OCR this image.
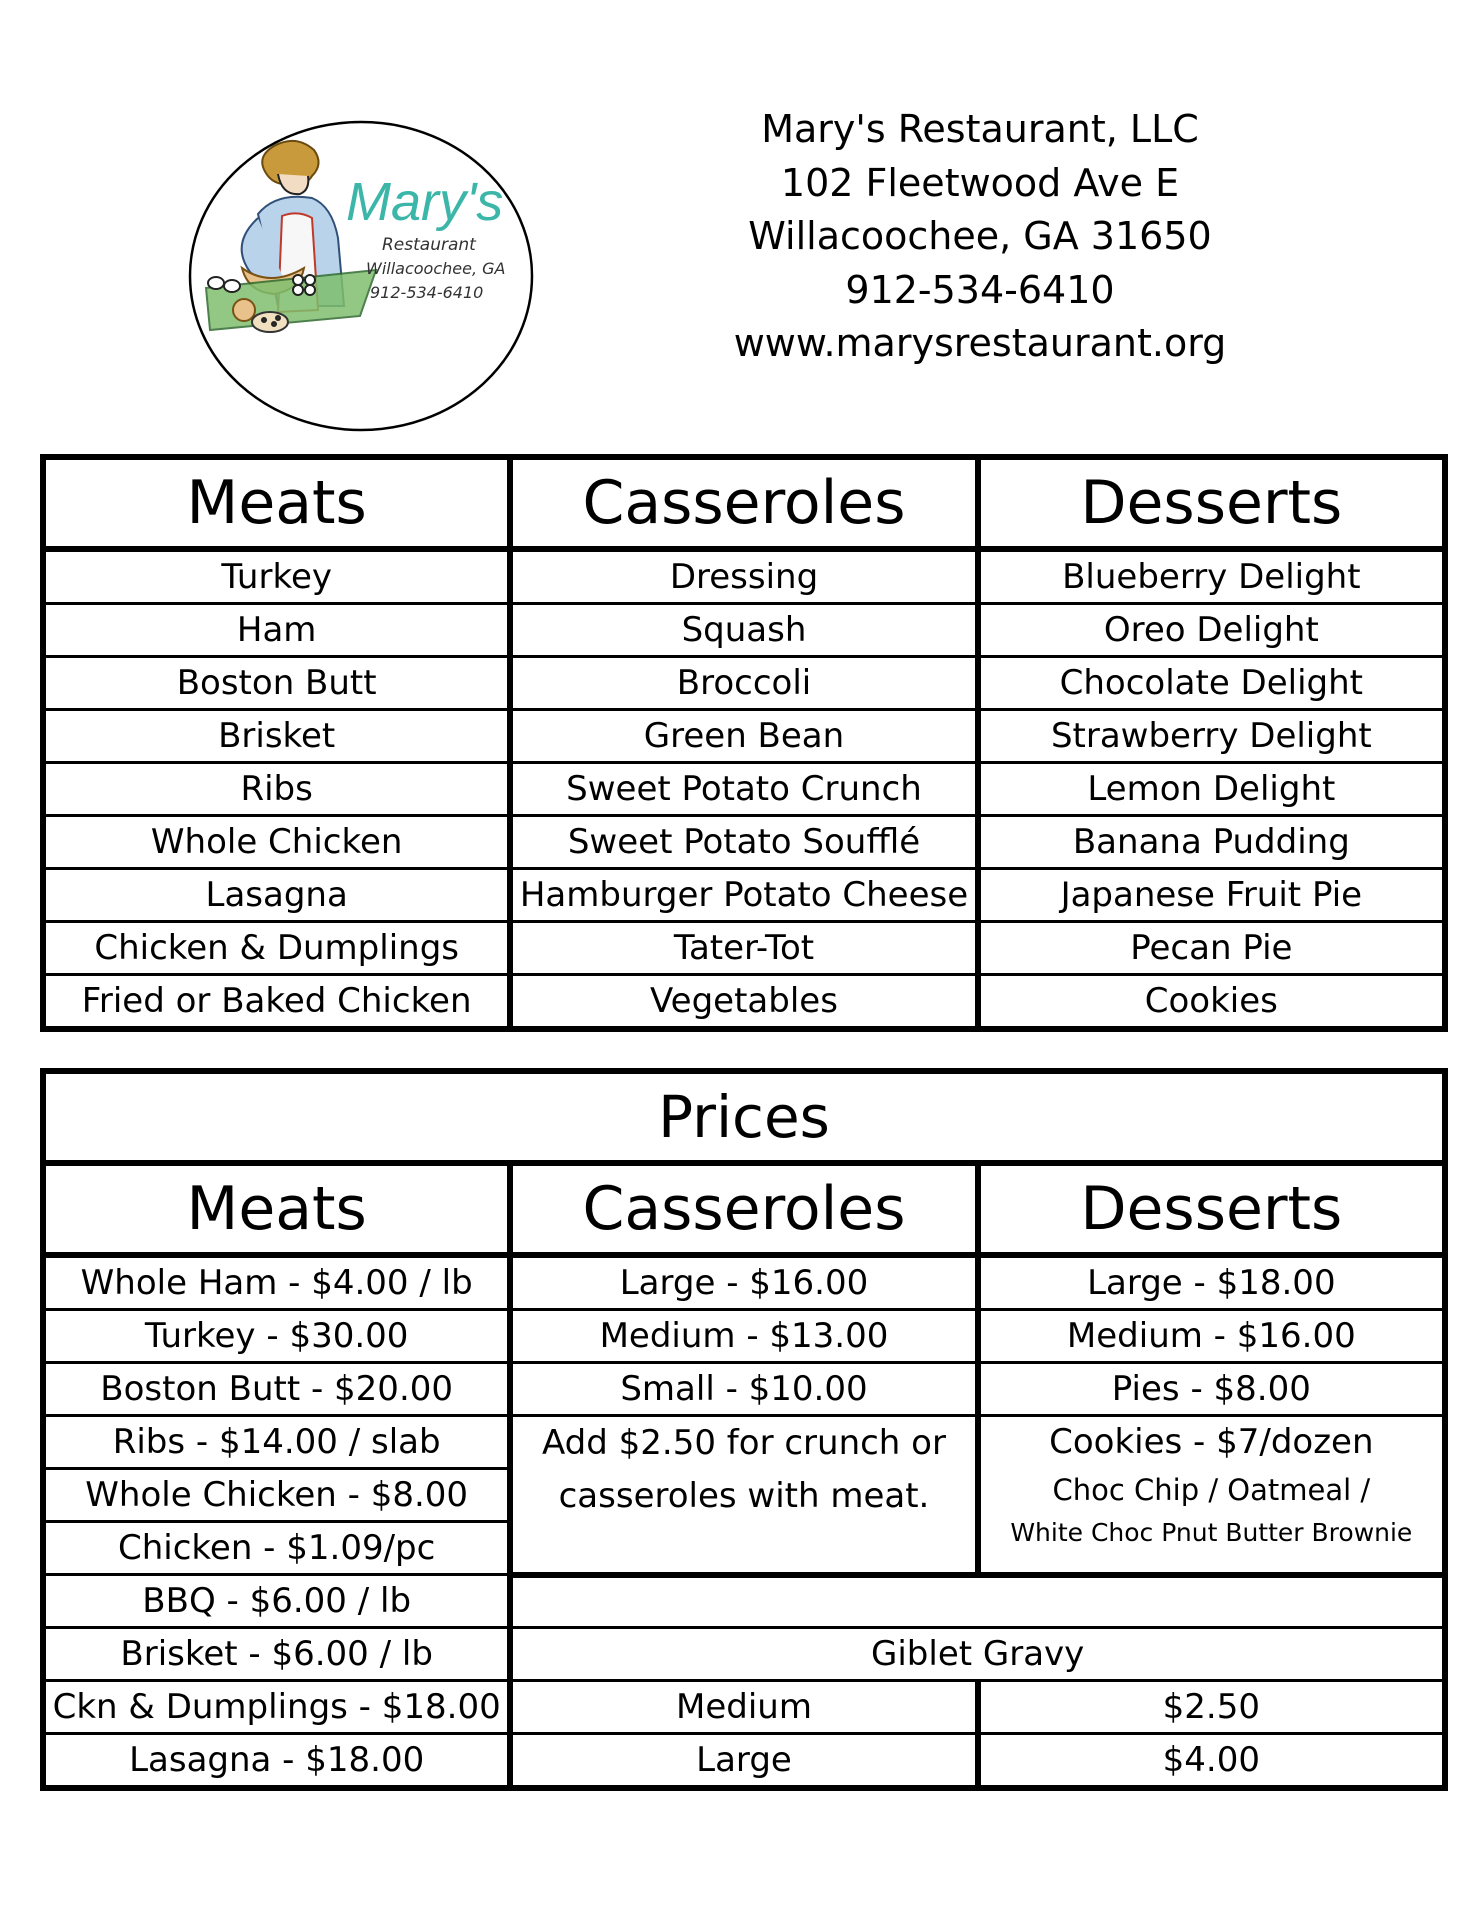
Mary's
Restaurant
Willacoochee, GA
912-534-6410
Mary's Restaurant, LLC
102 Fleetwood Ave E
Willacoochee, GA 31650
912-534-6410
www.marysrestaurant.org
Meats	Casseroles	Desserts
Turkey	Dressing	Blueberry Delight
Ham	Squash	Oreo Delight
Boston Butt	Broccoli	Chocolate Delight
Brisket	Green Bean	Strawberry Delight
Ribs	Sweet Potato Crunch	Lemon Delight
Whole Chicken	Sweet Potato Soufflé	Banana Pudding
Lasagna	Hamburger Potato Cheese	Japanese Fruit Pie
Chicken & Dumplings	Tater-Tot	Pecan Pie
Fried or Baked Chicken	Vegetables	Cookies
Prices		
Meats	Casseroles	Desserts
Whole Ham - $4.00 / lb	Large - $16.00	Large - $18.00
Turkey - $30.00	Medium - $13.00	Medium - $16.00
Boston Butt - $20.00	Small - $10.00	Pies - $8.00
Ribs - $14.00 / slab	Add $2.50 for crunch or casseroles with meat.	Cookies - $7/dozen
Choc Chip / Oatmeal /
White Choc Pnut Butter Brownie

Whole Chicken - $8.00		
Chicken - $1.09/pc		
BBQ - $6.00 / lb		
Brisket - $6.00 / lb	Giblet Gravy	
Ckn & Dumplings - $18.00	Medium	$2.50
Lasagna - $18.00	Large	$4.00
